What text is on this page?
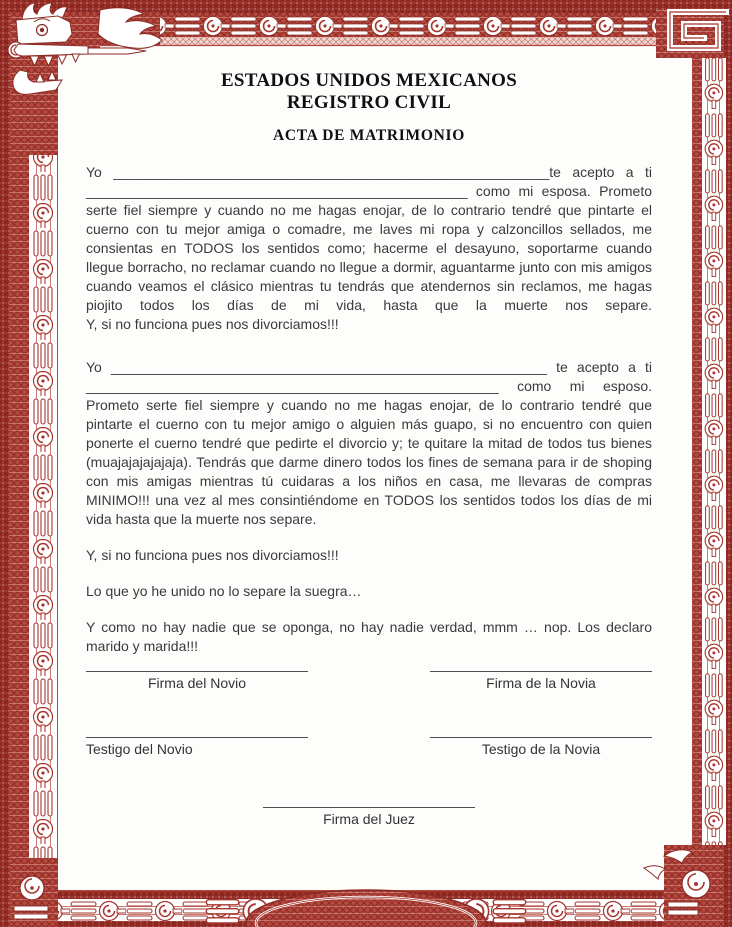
ESTADOS UNIDOS MEXICANOS
REGISTRO CIVIL
ACTA DE MATRIMONIO

Yo ________________________________________________________te acepto a ti _________________________________________________ como mi esposa. Prometo serte fiel siempre y cuando no me hagas enojar, de lo contrario tendré que pintarte el cuerno con tu mejor amiga o comadre, me laves mi ropa y calzoncillos sellados, me consientas en TODOS los sentidos como; hacerme el desayuno, soportarme cuando llegue borracho, no reclamar cuando no llegue a dormir, aguantarme junto con mis amigos cuando veamos el clásico mientras tu tendrás que atendernos sin reclamos, me hagas piojito todos los días de mi vida, hasta que la muerte nos separe.

Y, si no funciona pues nos divorciamos!!!

Yo ________________________________________________________ te acepto a ti _____________________________________________________ como mi esposo. Prometo serte fiel siempre y cuando no me hagas enojar, de lo contrario tendré que pintarte el cuerno con tu mejor amigo o alguien más guapo, si no encuentro con quien ponerte el cuerno tendré que pedirte el divorcio y; te quitare la mitad de todos tus bienes (muajajajajajaja). Tendrás que darme dinero todos los fines de semana para ir de shoping con mis amigas mientras tú cuidaras a los niños en casa, me llevaras de compras MINIMO!!! una vez al mes consintiéndome en TODOS los sentidos todos los días de mi vida hasta que la muerte nos separe.

Y, si no funciona pues nos divorciamos!!!

Lo que yo he unido no lo separe la suegra…

Y como no hay nadie que se oponga, no hay nadie verdad, mmm … nop. Los declaro marido y marida!!!

Firma del Novio	Firma de la Novia
Testigo del Novio	Testigo de la Novia
Firma del Juez
